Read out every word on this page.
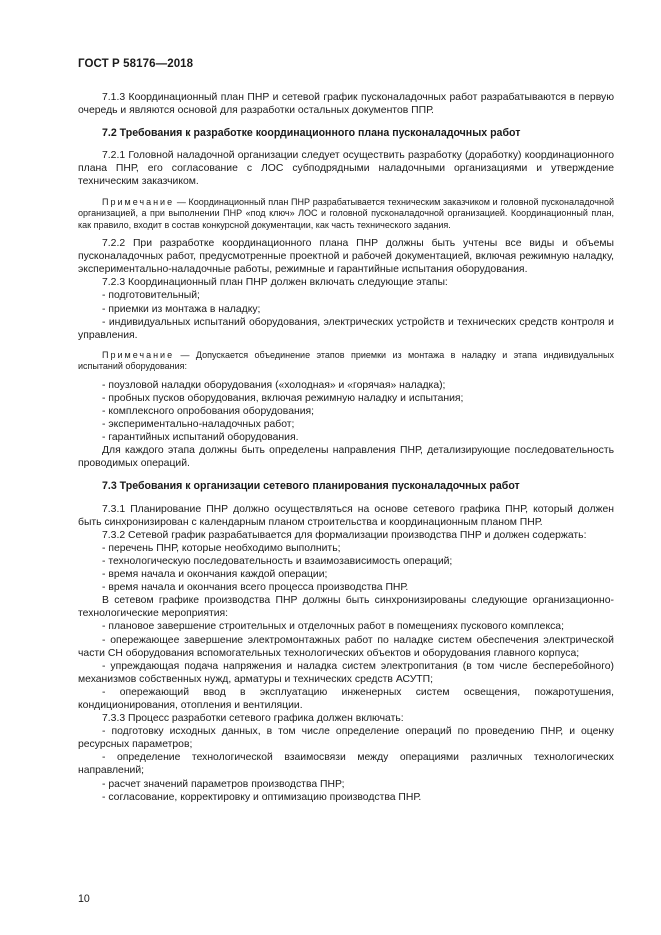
ГОСТ Р 58176—2018

7.1.3 Координационный план ПНР и сетевой график пусконаладочных работ разрабатываются в первую очередь и являются основой для разработки остальных документов ППР.

7.2 Требования к разработке координационного плана пусконаладочных работ

7.2.1 Головной наладочной организации следует осуществить разработку (доработку) координационного плана ПНР, его согласование с ЛОС субподрядными наладочными организациями и утверждение техническим заказчиком.

Примечание — Координационный план ПНР разрабатывается техническим заказчиком и головной пусконаладочной организацией, а при выполнении ПНР «под ключ» ЛОС и головной пусконаладочной организацией. Координационный план, как правило, входит в состав конкурсной документации, как часть технического задания.

7.2.2 При разработке координационного плана ПНР должны быть учтены все виды и объемы пусконаладочных работ, предусмотренные проектной и рабочей документацией, включая режимную наладку, экспериментально-наладочные работы, режимные и гарантийные испытания оборудования.

7.2.3 Координационный план ПНР должен включать следующие этапы:

- подготовительный;

- приемки из монтажа в наладку;

- индивидуальных испытаний оборудования, электрических устройств и технических средств контроля и управления.

Примечание — Допускается объединение этапов приемки из монтажа в наладку и этапа индивидуальных испытаний оборудования:

- поузловой наладки оборудования («холодная» и «горячая» наладка);

- пробных пусков оборудования, включая режимную наладку и испытания;

- комплексного опробования оборудования;

- экспериментально-наладочных работ;

- гарантийных испытаний оборудования.

Для каждого этапа должны быть определены направления ПНР, детализирующие последовательность проводимых операций.

7.3 Требования к организации сетевого планирования пусконаладочных работ

7.3.1 Планирование ПНР должно осуществляться на основе сетевого графика ПНР, который должен быть синхронизирован с календарным планом строительства и координационным планом ПНР.

7.3.2 Сетевой график разрабатывается для формализации производства ПНР и должен содержать:

- перечень ПНР, которые необходимо выполнить;

- технологическую последовательность и взаимозависимость операций;

- время начала и окончания каждой операции;

- время начала и окончания всего процесса производства ПНР.

В сетевом графике производства ПНР должны быть синхронизированы следующие организационно-технологические мероприятия:

- плановое завершение строительных и отделочных работ в помещениях пускового комплекса;

- опережающее завершение электромонтажных работ по наладке систем обеспечения электрической части СН оборудования вспомогательных технологических объектов и оборудования главного корпуса;

- упреждающая подача напряжения и наладка систем электропитания (в том числе бесперебойного) механизмов собственных нужд, арматуры и технических средств АСУТП;

- опережающий ввод в эксплуатацию инженерных систем освещения, пожаротушения, кондиционирования, отопления и вентиляции.

7.3.3 Процесс разработки сетевого графика должен включать:

- подготовку исходных данных, в том числе определение операций по проведению ПНР, и оценку ресурсных параметров;

- определение технологической взаимосвязи между операциями различных технологических направлений;

- расчет значений параметров производства ПНР;

- согласование, корректировку и оптимизацию производства ПНР.

10
